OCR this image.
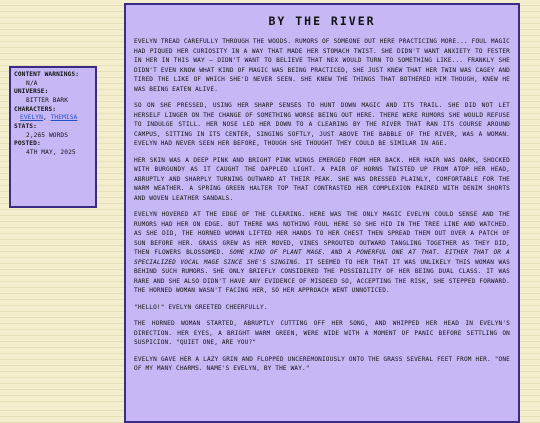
CONTENT WARNINGS:
N/A
UNIVERSE:
BITTER BARK
CHARACTERS:
EVELYN, THEMISA
STATS:
2,265 WORDS
POSTED:
4TH MAY, 2025
BY THE RIVER

EVELYN TREAD CAREFULLY THROUGH THE WOODS. RUMORS OF SOMEONE OUT HERE PRACTICING MORE... FOUL MAGIC HAD PIQUED HER CURIOSITY IN A WAY THAT MADE HER STOMACH TWIST. SHE DIDN'T WANT ANXIETY TO FESTER IN HER IN THIS WAY – DIDN'T WANT TO BELIEVE THAT NEX WOULD TURN TO SOMETHING LIKE... FRANKLY SHE DIDN'T EVEN KNOW WHAT KIND OF MAGIC WAS BEING PRACTICED, SHE JUST KNEW THAT HER TWIN WAS CAGEY AND TIRED THE LIKE OF WHICH SHE'D NEVER SEEN. SHE KNEW THE THINGS THAT BOTHERED HIM THOUGH, KNEW HE WAS BEING EATEN ALIVE.

SO ON SHE PRESSED, USING HER SHARP SENSES TO HUNT DOWN MAGIC AND ITS TRAIL. SHE DID NOT LET HERSELF LINGER ON THE CHANGE OF SOMETHING WORSE BEING OUT HERE. THERE WERE RUMORS SHE WOULD REFUSE TO INDULGE STILL. HER NOSE LED HER DOWN TO A CLEARING BY THE RIVER THAT RAN ITS COURSE AROUND CAMPUS, SITTING IN ITS CENTER, SINGING SOFTLY, JUST ABOVE THE BABBLE OF THE RIVER, WAS A WOMAN. EVELYN HAD NEVER SEEN HER BEFORE, THOUGH SHE THOUGHT THEY COULD BE SIMILAR IN AGE.

HER SKIN WAS A DEEP PINK AND BRIGHT PINK WINGS EMERGED FROM HER BACK. HER HAIR WAS DARK, SHOCKED WITH BURGUNDY AS IT CAUGHT THE DAPPLED LIGHT. A PAIR OF HORNS TWISTED UP FROM ATOP HER HEAD, ABRUPTLY AND SHARPLY TURNING OUTWARD AT THEIR PEAK. SHE WAS DRESSED PLAINLY, COMFORTABLE FOR THE WARM WEATHER. A SPRING GREEN HALTER TOP THAT CONTRASTED HER COMPLEXION PAIRED WITH DENIM SHORTS AND WOVEN LEATHER SANDALS.

EVELYN HOVERED AT THE EDGE OF THE CLEARING. HERE WAS THE ONLY MAGIC EVELYN COULD SENSE AND THE RUMORS HAD HER ON EDGE. BUT THERE WAS NOTHING FOUL HERE SO SHE HID IN THE TREE LINE AND WATCHED. AS SHE DID, THE HORNED WOMAN LIFTED HER HANDS TO HER CHEST THEN SPREAD THEM OUT OVER A PATCH OF SUN BEFORE HER. GRASS GREW AS HER MOVED, VINES SPROUTED OUTWARD TANGLING TOGETHER AS THEY DID, THEN FLOWERS BLOSSOMED. SOME KIND OF PLANT MAGE. AND A POWERFUL ONE AT THAT. EITHER THAT OR A SPECIALIZED VOCAL MAGE SINCE SHE'S SINGING. IT SEEMED TO HER THAT IT WAS UNLIKELY THIS WOMAN WAS BEHIND SUCH RUMORS. SHE ONLY BRIEFLY CONSIDERED THE POSSIBILITY OF HER BEING DUAL CLASS. IT WAS RARE AND SHE ALSO DIDN'T HAVE ANY EVIDENCE OF MISDEED SO, ACCEPTING THE RISK, SHE STEPPED FORWARD. THE HORNED WOMAN WASN'T FACING HER, SO HER APPROACH WENT UNNOTICED.

"HELLO!" EVELYN GREETED CHEERFULLY.

THE HORNED WOMAN STARTED, ABRUPTLY CUTTING OFF HER SONG, AND WHIPPED HER HEAD IN EVELYN'S DIRECTION. HER EYES, A BRIGHT WARM GREEN, WERE WIDE WITH A MOMENT OF PANIC BEFORE SETTLING ON SUSPICION. "QUIET ONE, ARE YOU?"

EVELYN GAVE HER A LAZY GRIN AND FLOPPED UNCEREMONIOUSLY ONTO THE GRASS SEVERAL FEET FROM HER. "ONE OF MY MANY CHARMS. NAME'S EVELYN, BY THE WAY."
